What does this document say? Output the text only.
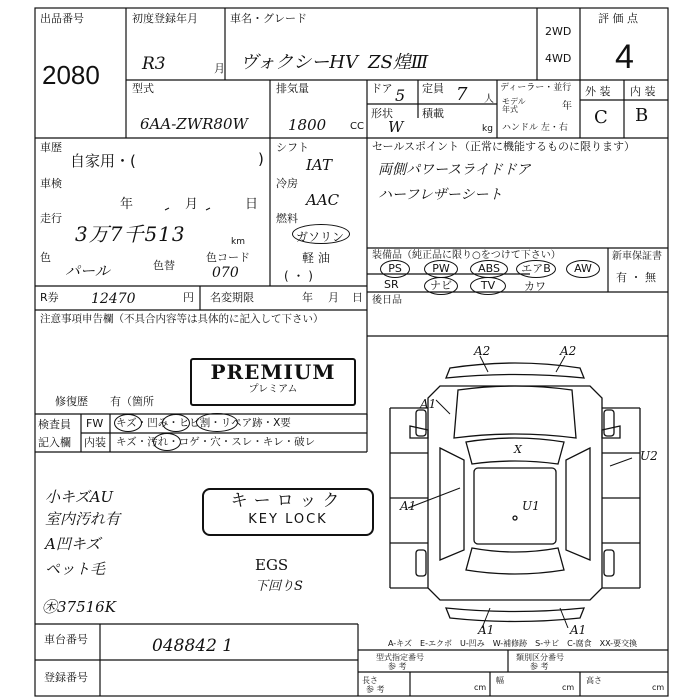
出品番号
2080
初度登録年月
R3	月
車名・グレード
ヴォクシーHV ZS煌Ⅲ
2WD
4WD
評 価 点
4
外 装 内 装
C B
型式
6AA-ZWR80W
排気量
1800 CC
ドア 5 定員 7 人
形状
W
積載
kg
ディーラー・並行
モデル年式	年
ハンドル 左・右
車歴
自家用・(	)
車検
年	月	日
走行
3万7千513	km
シフト
IAT
冷房
AAC
燃料
ガソリン
軽 油
( ・ )
色
パール	色替
色コード
070
R券 12470	円 名変期限	年 月 日
セールスポイント（正常に機能するものに限ります）
両側パワースライドドア
ハーフレザーシート
装備品（純正品に限り○をつけて下さい）
PS	PW	ABS	エアB	AW
SR	ナビ	TV	カワ
後日品
新車保証書
有 ・ 無
注意事項申告欄（不具合内容等は具体的に記入して下さい）
PREMIUM
プレミアム
修復歴　　有（箇所
検査員
記入欄
FW キズ・凹み・ヒビ割・リペア跡・X要
内装 キズ・汚れ・コゲ・穴・スレ・キレ・破レ
小キズAU
室内汚れ有
A凹キズ
ペット毛
キーロック
KEY LOCK
EGS
下回りS
㊍37516K
A2	A2
A1
U2
A1	U1
X
A1	A1
A-キズ　E-エクボ　U-凹み　W-補修跡　S-サビ　C-腐食　XX-要交換
車台番号	048842 1
登録番号
型式指定番号
参 考
類別区分番号
参 考
長さ
参 考	cm
幅
cm
高さ
cm
